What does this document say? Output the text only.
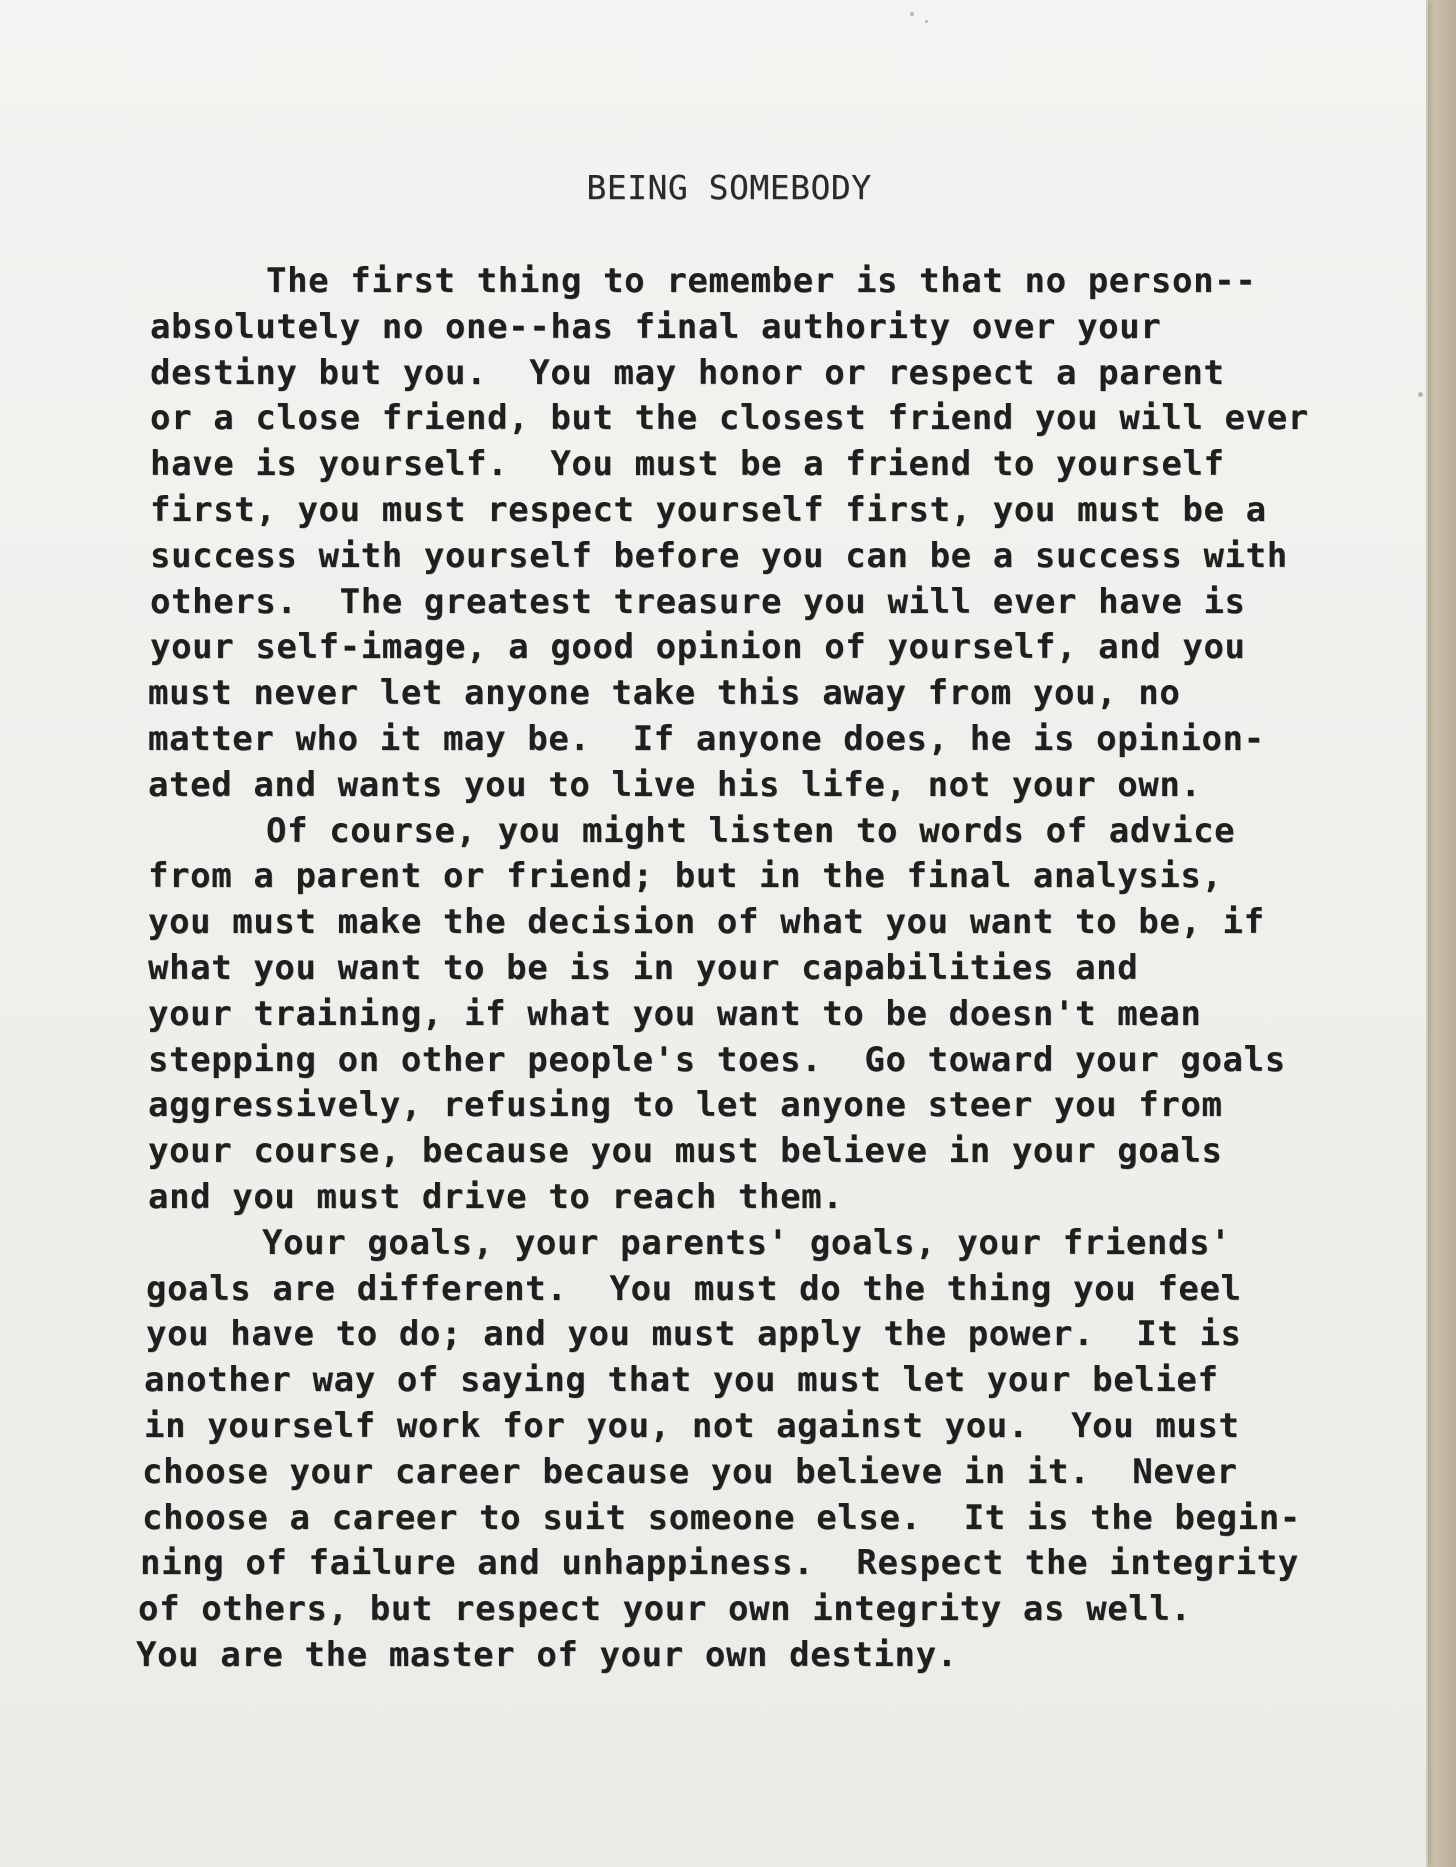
BEING SOMEBODY
The first thing to remember is that no person--
absolutely no one--has final authority over your
destiny but you.  You may honor or respect a parent
or a close friend, but the closest friend you will ever
have is yourself.  You must be a friend to yourself
first, you must respect yourself first, you must be a
success with yourself before you can be a success with
others.  The greatest treasure you will ever have is
your self-image, a good opinion of yourself, and you
must never let anyone take this away from you, no
matter who it may be.  If anyone does, he is opinion-
ated and wants you to live his life, not your own.
Of course, you might listen to words of advice
from a parent or friend; but in the final analysis,
you must make the decision of what you want to be, if
what you want to be is in your capabilities and
your training, if what you want to be doesn't mean
stepping on other people's toes.  Go toward your goals
aggressively, refusing to let anyone steer you from
your course, because you must believe in your goals
and you must drive to reach them.
Your goals, your parents' goals, your friends'
goals are different.  You must do the thing you feel
you have to do; and you must apply the power.  It is
another way of saying that you must let your belief
in yourself work for you, not against you.  You must
choose your career because you believe in it.  Never
choose a career to suit someone else.  It is the begin-
ning of failure and unhappiness.  Respect the integrity
of others, but respect your own integrity as well.
You are the master of your own destiny.
